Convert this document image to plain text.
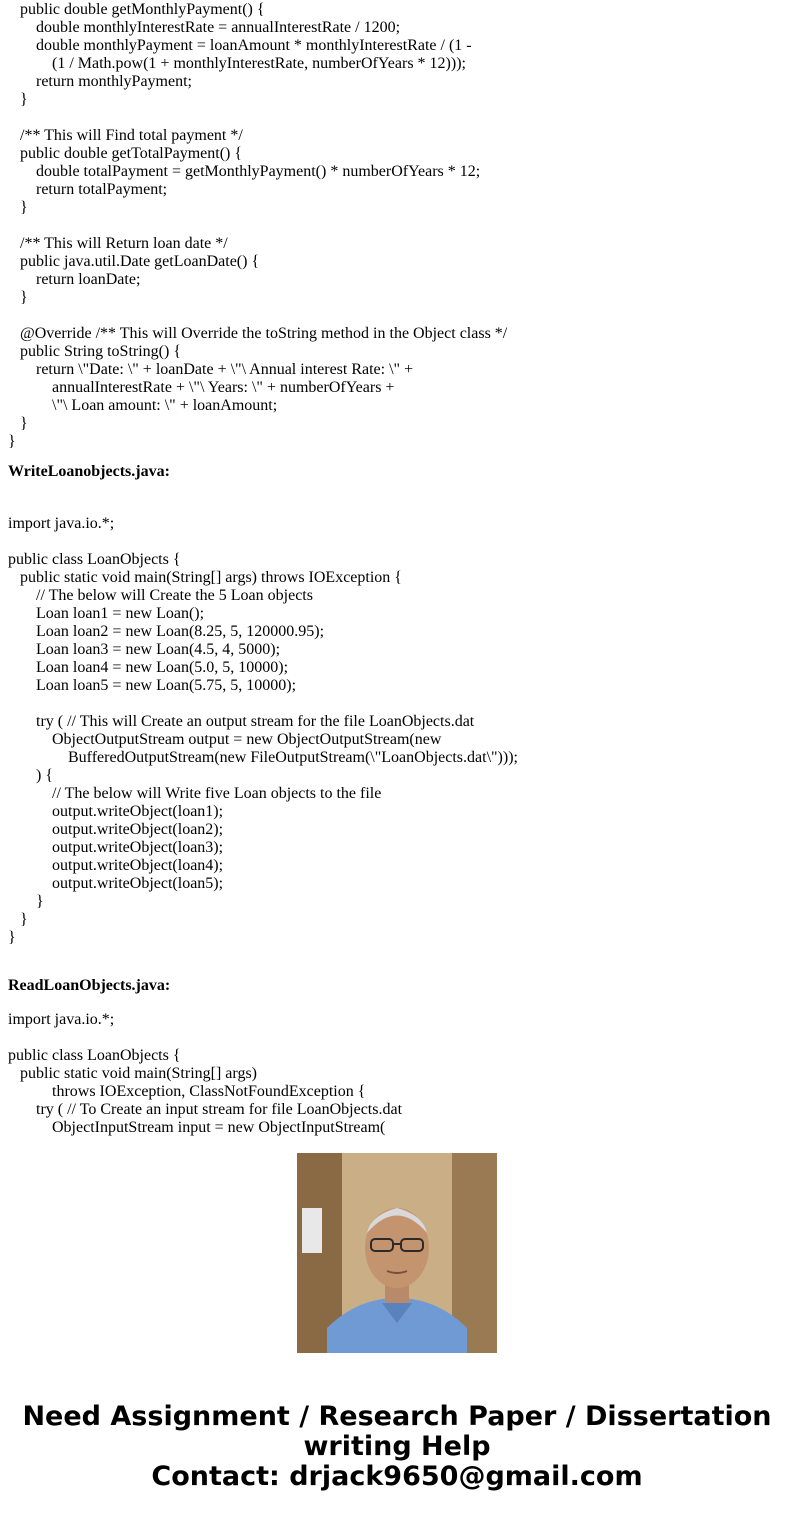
public double getMonthlyPayment() {
double monthlyInterestRate = annualInterestRate / 1200;
double monthlyPayment = loanAmount * monthlyInterestRate / (1 -
(1 / Math.pow(1 + monthlyInterestRate, numberOfYears * 12)));
return monthlyPayment;
}
/** This will Find total payment */
public double getTotalPayment() {
double totalPayment = getMonthlyPayment() * numberOfYears * 12;
return totalPayment;
}
/** This will Return loan date */
public java.util.Date getLoanDate() {
return loanDate;
}
@Override /** This will Override the toString method in the Object class */
public String toString() {
return \"Date: \" + loanDate + \"\ Annual interest Rate: \" +
annualInterestRate + \"\ Years: \" + numberOfYears +
\"\ Loan amount: \" + loanAmount;
}
}
WriteLoanobjects.java:
import java.io.*;
public class LoanObjects {
public static void main(String[] args) throws IOException {
// The below will Create the 5 Loan objects
Loan loan1 = new Loan();
Loan loan2 = new Loan(8.25, 5, 120000.95);
Loan loan3 = new Loan(4.5, 4, 5000);
Loan loan4 = new Loan(5.0, 5, 10000);
Loan loan5 = new Loan(5.75, 5, 10000);
try ( // This will Create an output stream for the file LoanObjects.dat
ObjectOutputStream output = new ObjectOutputStream(new
BufferedOutputStream(new FileOutputStream(\"LoanObjects.dat\")));
) {
// The below will Write five Loan objects to the file
output.writeObject(loan1);
output.writeObject(loan2);
output.writeObject(loan3);
output.writeObject(loan4);
output.writeObject(loan5);
}
}
}
ReadLoanObjects.java:
import java.io.*;
public class LoanObjects {
public static void main(String[] args)
throws IOException, ClassNotFoundException {
try ( // To Create an input stream for file LoanObjects.dat
ObjectInputStream input = new ObjectInputStream(
Need Assignment / Research Paper / Dissertation
writing Help
Contact: drjack9650@gmail.com
